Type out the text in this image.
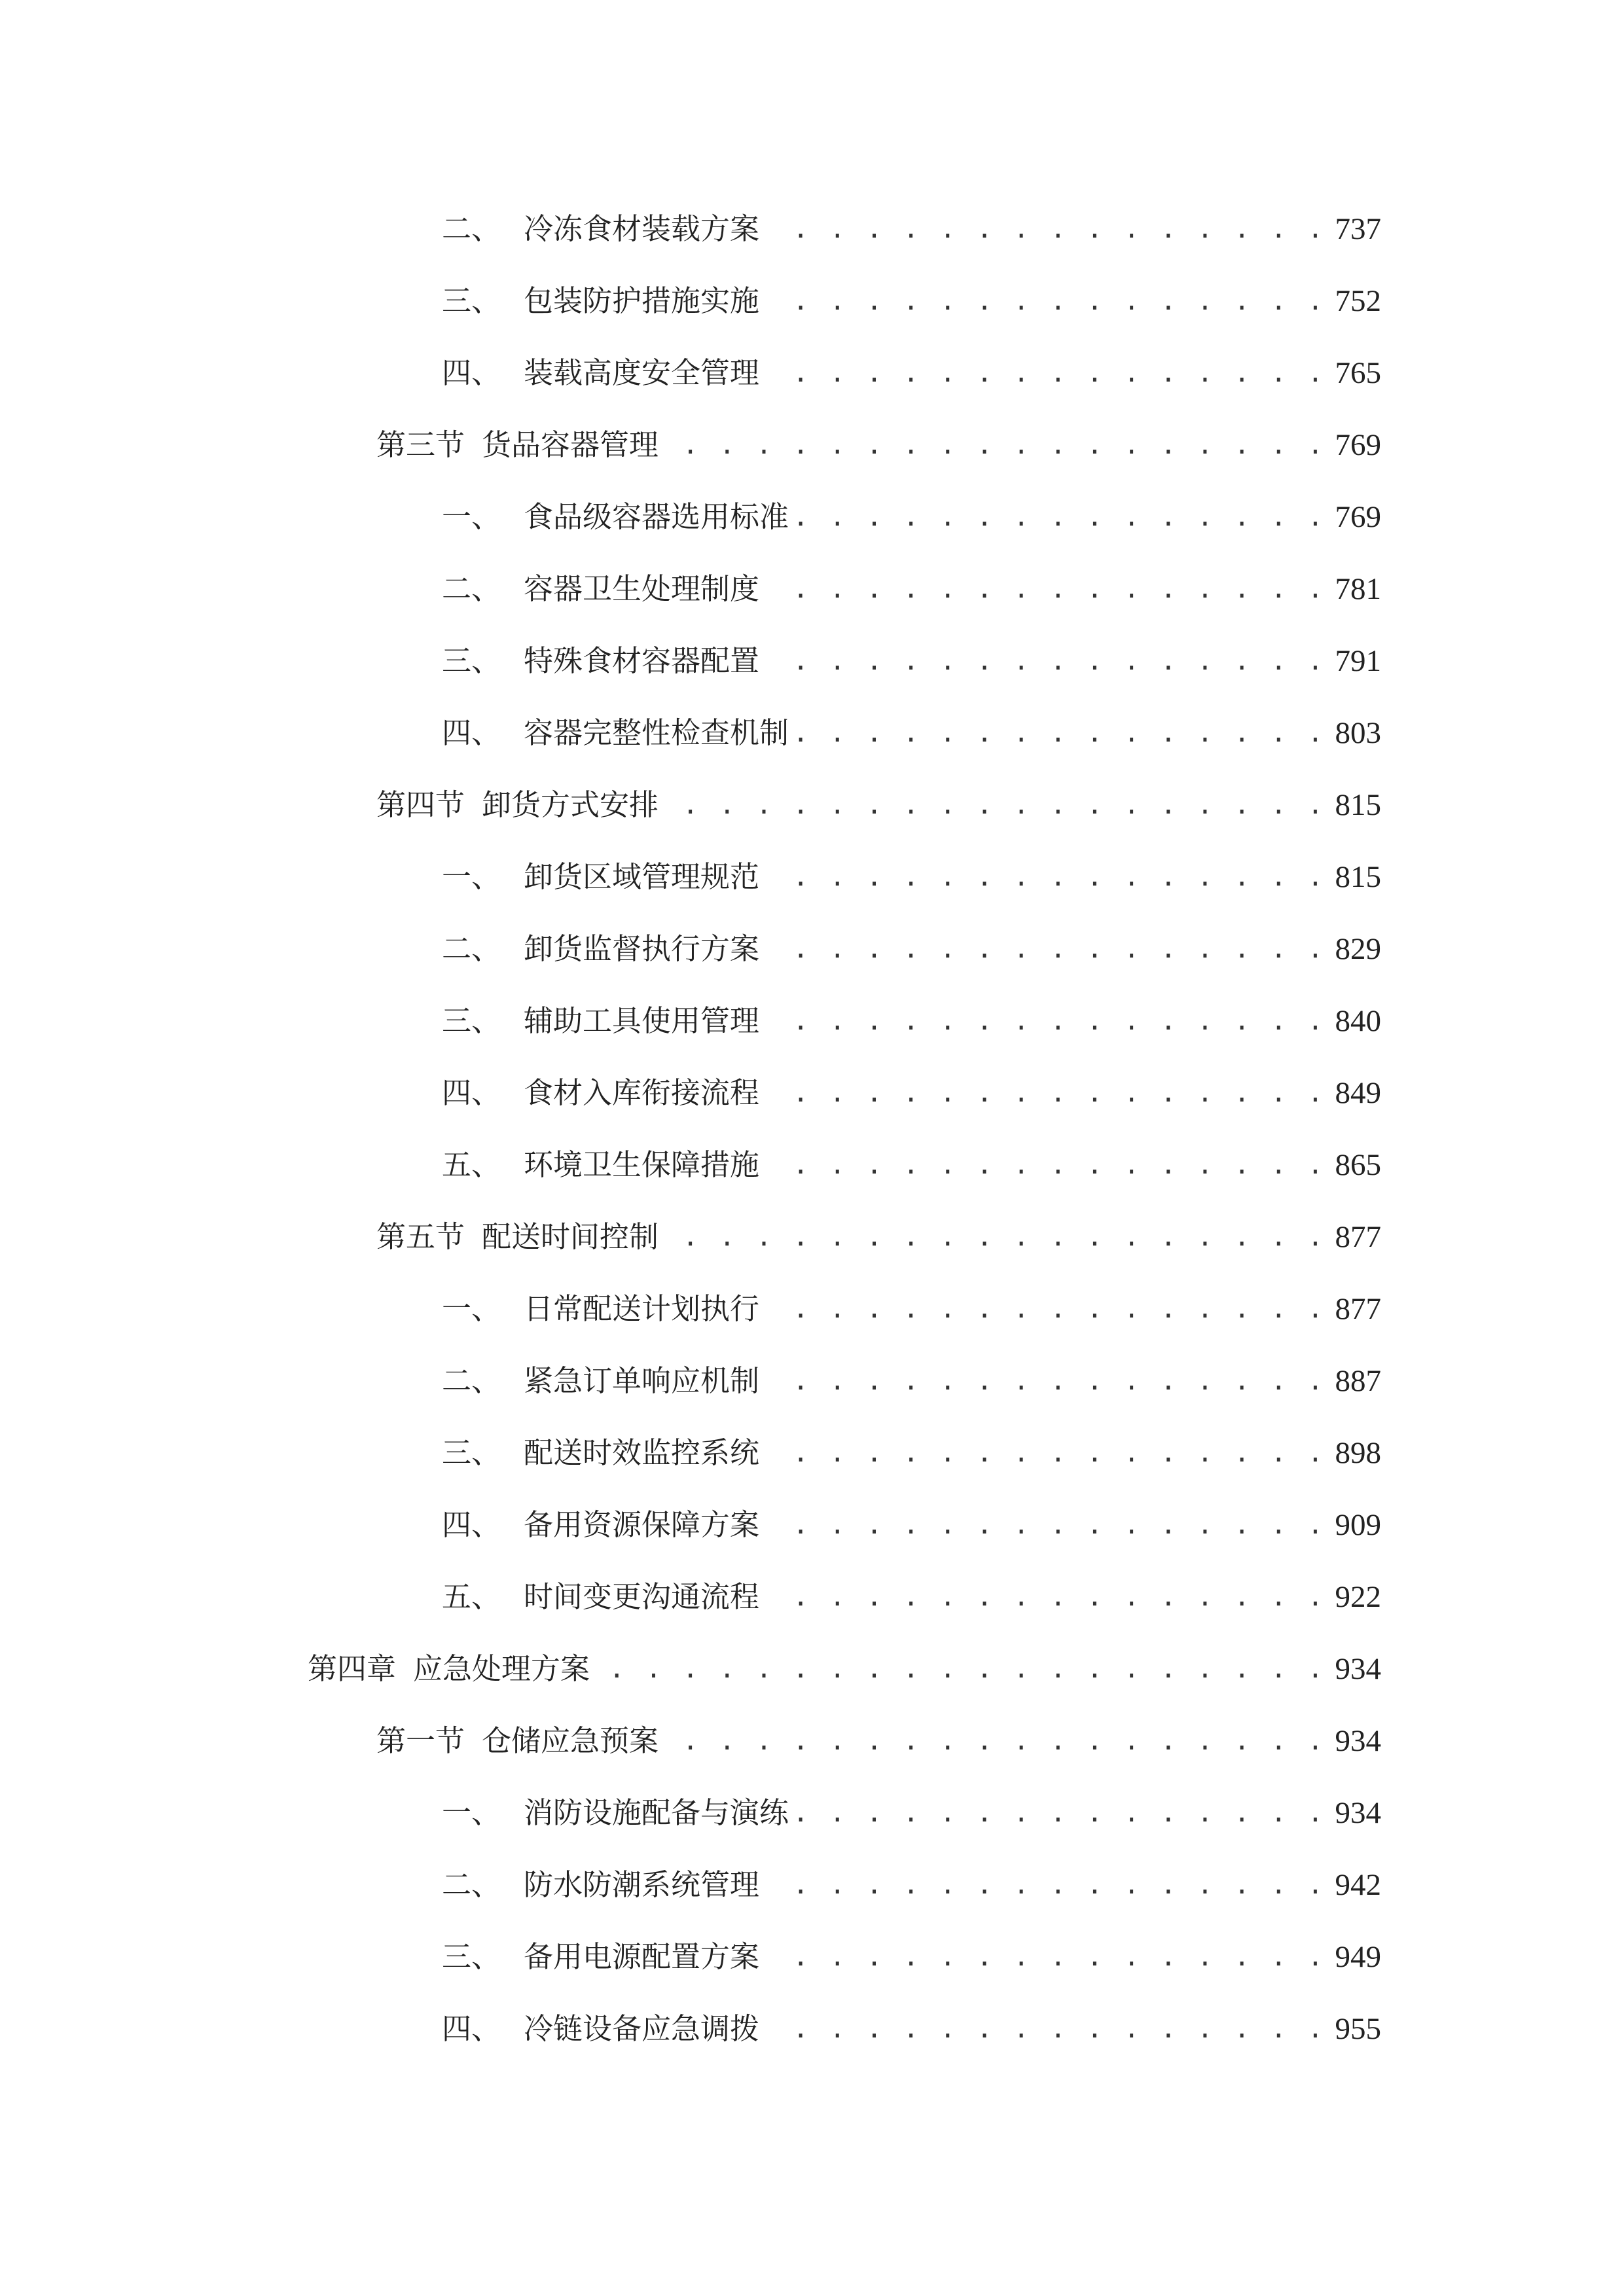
二、 冷冻食材装载方案 . . .	737
三、 包装防护措施实施 . . .	752
四、 装载高度安全管理 . . .	765
第三节 货品容器管理 . . .	769
一、 食品级容器选用标准 . . .	769
二、 容器卫生处理制度 . . .	781
三、 特殊食材容器配置 . . .	791
四、 容器完整性检查机制 . . .	803
第四节 卸货方式安排 . . .	815
一、 卸货区域管理规范 . . .	815
二、 卸货监督执行方案 . . .	829
三、 辅助工具使用管理 . . .	840
四、 食材入库衔接流程 . . .	849
五、 环境卫生保障措施 . . .	865
第五节 配送时间控制 . . .	877
一、 日常配送计划执行 . . .	877
二、 紧急订单响应机制 . . .	887
三、 配送时效监控系统 . . .	898
四、 备用资源保障方案 . . .	909
五、 时间变更沟通流程 . . .	922
第四章 应急处理方案 . . .	934
第一节 仓储应急预案 . . .	934
一、 消防设施配备与演练 . . .	934
二、 防水防潮系统管理 . . .	942
三、 备用电源配置方案 . . .	949
四、 冷链设备应急调拨 . . .	955
